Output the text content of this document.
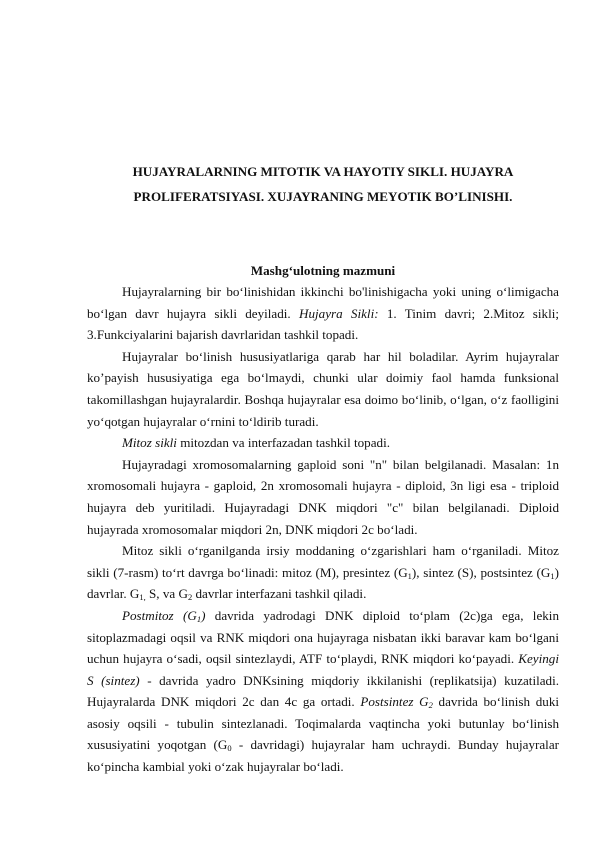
HUJAYRALARNING MITOTIK VA HAYOTIY SIKLI. HUJAYRA
PROLIFERATSIYASI. XUJAYRANING MEYOTIK BO’LINISHI.
Mashg‘ulotning mazmuni

Hujayralarning bir bo‘linishidan ikkinchi bo'linishigacha yoki uning o‘limigacha bo‘lgan davr hujayra sikli deyiladi. Hujayra Sikli: 1. Tinim davri; 2.Mitoz sikli; 3.Funkciyalarini bajarish davrlaridan tashkil topadi.

Hujayralar bo‘linish hususiyatlariga qarab har hil boladilar. Ayrim hujayralar ko’payish hususiyatiga ega bo‘lmaydi, chunki ular doimiy faol hamda funksional takomillashgan hujayralardir. Boshqa hujayralar esa doimo bo‘linib, o‘lgan, o‘z faolligini yo‘qotgan hujayralar o‘rnini to‘ldirib turadi.

Mitoz sikli mitozdan va interfazadan tashkil topadi.

Hujayradagi xromosomalarning gaploid soni "n" bilan belgilanadi. Masalan: 1n xromosomali hujayra - gaploid, 2n xromosomali hujayra - diploid, 3n ligi esa - triploid hujayra deb yuritiladi. Hujayradagi DNK miqdori "c" bilan belgilanadi. Diploid hujayrada xromosomalar miqdori 2n, DNK miqdori 2c bo‘ladi.

Mitoz sikli o‘rganilganda irsiy moddaning o‘zgarishlari ham o‘rganiladi. Mitoz sikli (7-rasm) to‘rt davrga bo‘linadi: mitoz (M), presintez $(G_1)$, sintez (S), postsintez $(G_1)$ davrlar. $G_{1,}$ S, va $G_2$ davrlar interfazani tashkil qiladi.

Postmitoz $(G_1)$ davrida yadrodagi DNK diploid to‘plam (2c)ga ega, lekin sitoplazmadagi oqsil va RNK miqdori ona hujayraga nisbatan ikki baravar kam bo‘lgani uchun hujayra o‘sadi, oqsil sintezlaydi, ATF to‘playdi, RNK miqdori ko‘payadi. Keyingi S (sintez) - davrida yadro DNKsining miqdoriy ikkilanishi (replikatsija) kuzatiladi. Hujayralarda DNK miqdori 2c dan 4c ga ortadi. Postsintez $G_2$ davrida bo‘linish duki asosiy oqsili - tubulin sintezlanadi. Toqimalarda vaqtincha yoki butunlay bo‘linish xususiyatini yoqotgan ($G_0$ - davridagi) hujayralar ham uchraydi. Bunday hujayralar ko‘pincha kambial yoki o‘zak hujayralar bo‘ladi.
